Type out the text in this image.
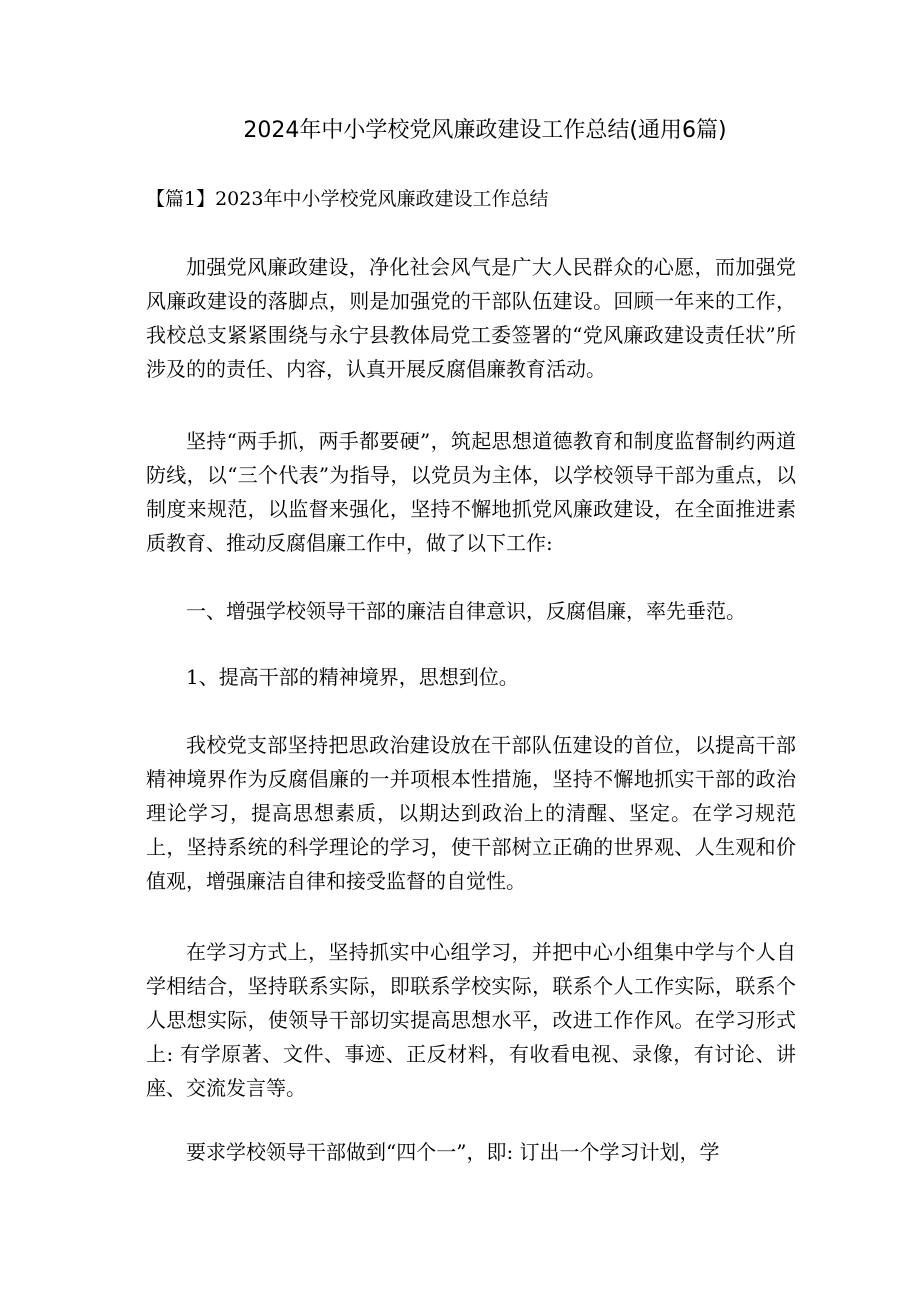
2024年中小学校党风廉政建设工作总结(通用6篇)
【篇1】2023年中小学校党风廉政建设工作总结

加强党风廉政建设，净化社会风气是广大人民群众的心愿，而加强党风廉政建设的落脚点，则是加强党的干部队伍建设。回顾一年来的工作，我校总支紧紧围绕与永宁县教体局党工委签署的“党风廉政建设责任状”所涉及的的责任、内容，认真开展反腐倡廉教育活动。

坚持“两手抓，两手都要硬”，筑起思想道德教育和制度监督制约两道防线，以“三个代表”为指导，以党员为主体，以学校领导干部为重点，以制度来规范，以监督来强化，坚持不懈地抓党风廉政建设，在全面推进素质教育、推动反腐倡廉工作中，做了以下工作:

一、增强学校领导干部的廉洁自律意识，反腐倡廉，率先垂范。

1、提高干部的精神境界，思想到位。

我校党支部坚持把思政治建设放在干部队伍建设的首位，以提高干部精神境界作为反腐倡廉的一并项根本性措施，坚持不懈地抓实干部的政治理论学习，提高思想素质，以期达到政治上的清醒、坚定。在学习规范上，坚持系统的科学理论的学习，使干部树立正确的世界观、人生观和价值观，增强廉洁自律和接受监督的自觉性。

在学习方式上，坚持抓实中心组学习，并把中心小组集中学与个人自学相结合，坚持联系实际，即联系学校实际，联系个人工作实际，联系个人思想实际，使领导干部切实提高思想水平，改进工作作风。在学习形式上: 有学原著、文件、事迹、正反材料，有收看电视、录像，有讨论、讲座、交流发言等。

要求学校领导干部做到“四个一”，即: 订出一个学习计划，学
